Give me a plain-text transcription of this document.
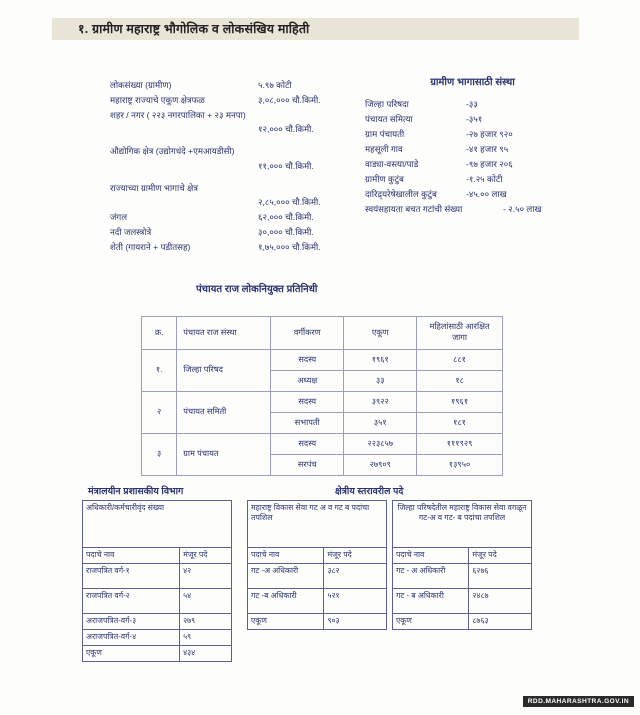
१. ग्रामीण महाराष्ट्र भौगोलिक व लोकसंखिय माहिती
लोकसंख्या (ग्रामीण)	५.९७ कोटी
महाराष्ट्र राज्याचे एकूण क्षेत्रफळ	३,०८,००० चौ.किमी.
शहर / नगर ( २२३ नगरपालिका + २३ मनपा)
१२,००० चौ.किमी.
औद्योगिक क्षेत्र (उद्योगधंदे +एमआयडीसी)
११,००० चौ.किमी.
राज्याच्या ग्रामीण भागाचे क्षेत्र
२,८५,००० चौ.किमी.
जंगल	६२,००० चौ.किमी.
नदी जलस्त्रोत्रे	३०,००० चौ.किमी.
शेती (गायराने + पडीतसह)	१,७५,००० चौ.किमी.
ग्रामीण भागासाठी संस्था
जिल्हा परिषदा	-३३
पंचायत समित्या	-३५१
ग्राम पंचायती	-२७ हजार ९२०
महसूली गाव	-४१ हजार ९५
वाड्या-वस्त्या/पाडे	-९७ हजार २०६
ग्रामीण कुटुंब	-१.२५ कोटी
दारिद्र्यरेषेखालील कुटुंब	-४५.०० लाख
स्वयंसहायता बचत गटांची संख्या	- २.५० लाख
पंचायत राज लोकनियुक्त प्रतिनिधी
क्र.	पंचायत राज संस्था	वर्गीकरण	एकूण	महिलांसाठी आरक्षित जागा
१.	जिल्हा परिषद	सदस्य	१९६१	८८१
		अध्यक्ष	३३	१८
२	पंचायत समिती	सदस्य	३९२२	१९६१
		सभापती	३५१	१८१
३	ग्राम पंचायत	सदस्य	२२३८५७	१११९२९
		सरपंच	२७९०९	१३९५०
मंत्रालयीन प्रशासकीय विभाग	क्षेत्रीय स्तरावरील पदे
अधिकारी/कर्मचारीवृंद संख्या	
पदाचे नाव	मंजूर पदे
राजपत्रित वर्ग-१	४२
राजपत्रित वर्ग-२	५४
अराजपत्रित-वर्ग-३	२७९
अराजपत्रित-वर्ग-४	५९
एकूण	४३४
महाराष्ट्र विकास सेवा गट अ व गट ब पदांचा तपशिल	
पदाचे नाव	मंजूर पदे
गट -अ अधिकारी	३८२
गट -ब अधिकारी	५२१
एकूण	९०३
जिल्हा परिषदेतील महाराष्ट्र विकास सेवा वगळून गट-अ व गट- ब पदांचा तपशिल	
पदाचे नाव	मंजूर पदे
गट - अ अधिकारी	६२७६
गट - ब अधिकारी	२४८७
एकूण	८७६३
RDD.MAHARASHTRA.GOV.IN
